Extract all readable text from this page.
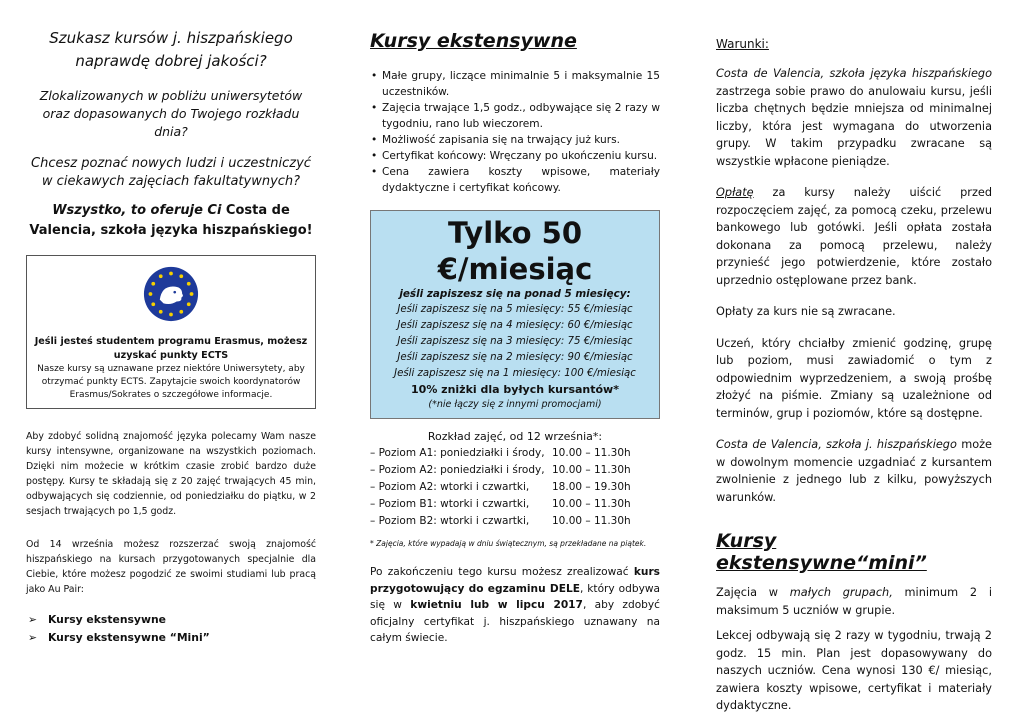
Szukasz kursów j. hiszpańskiego naprawdę dobrej jakości?

Zlokalizowanych w pobliżu uniwersytetów oraz dopasowanych do Twojego rozkładu dnia?

Chcesz poznać nowych ludzi i uczestniczyć w ciekawych zajęciach fakultatywnych?

Wszystko, to oferuje Ci Costa de Valencia, szkoła języka hiszpańskiego!

Jeśli jesteś studentem programu Erasmus, możesz uzyskać punkty ECTS
Nasze kursy są uznawane przez niektóre Uniwersytety, aby otrzymać punkty ECTS. Zapytajcie swoich koordynatorów Erasmus/Sokrates o szczegółowe informacje.

Aby zdobyć solidną znajomość języka polecamy Wam nasze kursy intensywne, organizowane na wszystkich poziomach. Dzięki nim możecie w krótkim czasie zrobić bardzo duże postępy. Kursy te składają się z 20 zajęć trwających 45 min, odbywających się codziennie, od poniedziałku do piątku, w 2 sesjach trwających po 1,5 godz.

Od 14 września możesz rozszerzać swoją znajomość hiszpańskiego na kursach przygotowanych specjalnie dla Ciebie, które możesz pogodzić ze swoimi studiami lub pracą jako Au Pair:

➢ Kursy ekstensywne
➢ Kursy ekstensywne “Mini”
Kursy ekstensywne
• Małe grupy, liczące minimalnie 5 i maksymalnie 15 uczestników.
• Zajęcia trwające 1,5 godz., odbywające się 2 razy w tygodniu, rano lub wieczorem.
• Możliwość zapisania się na trwający już kurs.
• Certyfikat końcowy: Wręczany po ukończeniu kursu.
• Cena zawiera koszty wpisowe, materiały dydaktyczne i certyfikat końcowy.
Tylko 50 €/miesiąc
jeśli zapiszesz się na ponad 5 miesięcy:
Jeśli zapiszesz się na 5 miesięcy: 55 €/miesiąc
Jeśli zapiszesz się na 4 miesięcy: 60 €/miesiąc
Jeśli zapiszesz się na 3 miesięcy: 75 €/miesiąc
Jeśli zapiszesz się na 2 miesięcy: 90 €/miesiąc
Jeśli zapiszesz się na 1 miesięcy: 100 €/miesiąc
10% zniżki dla byłych kursantów*
(*nie łączy się z innymi promocjami)
Rozkład zajęć, od 12 września*:
– Poziom A1: poniedziałki i środy,	10.00 – 11.30h
– Poziom A2: poniedziałki i środy,	10.00 – 11.30h
– Poziom A2: wtorki i czwartki,	18.00 – 19.30h
– Poziom B1: wtorki i czwartki,	10.00 – 11.30h
– Poziom B2: wtorki i czwartki,	10.00 – 11.30h

* Zajęcia, które wypadają w dniu świątecznym, są przekładane na piątek.

Po zakończeniu tego kursu możesz zrealizować kurs przygotowujący do egzaminu DELE, który odbywa się w kwietniu lub w lipcu 2017, aby zdobyć oficjalny certyfikat j. hiszpańskiego uznawany na całym świecie.

Warunki:

Costa de Valencia, szkoła języka hiszpańskiego zastrzega sobie prawo do anulowaiu kursu, jeśli liczba chętnych będzie mniejsza od minimalnej liczby, która jest wymagana do utworzenia grupy. W takim przypadku zwracane są wszystkie wpłacone pieniądze.

Opłatę za kursy należy uiścić przed rozpoczęciem zajęć, za pomocą czeku, przelewu bankowego lub gotówki. Jeśli opłata została dokonana za pomocą przelewu, należy przynieść jego potwierdzenie, które zostało uprzednio ostęplowane przez bank.

Opłaty za kurs nie są zwracane.

Uczeń, który chciałby zmienić godzinę, grupę lub poziom, musi zawiadomić o tym z odpowiednim wyprzedzeniem, a swoją prośbę złożyć na piśmie. Zmiany są uzależnione od terminów, grup i poziomów, które są dostępne.

Costa de Valencia, szkoła j. hiszpańskiego może w dowolnym momencie uzgadniać z kursantem zwolnienie z jednego lub z kilku, powyższych warunków.

Kursy ekstensywne“mini”

Zajęcia w małych grupach, minimum 2 i maksimum 5 uczniów w grupie.

Lekcej odbywają się 2 razy w tygodniu, trwają 2 godz. 15 min. Plan jest dopasowywany do naszych uczniów. Cena wynosi 130 €/ miesiąc, zawiera koszty wpisowe, certyfikat i materiały dydaktyczne.
